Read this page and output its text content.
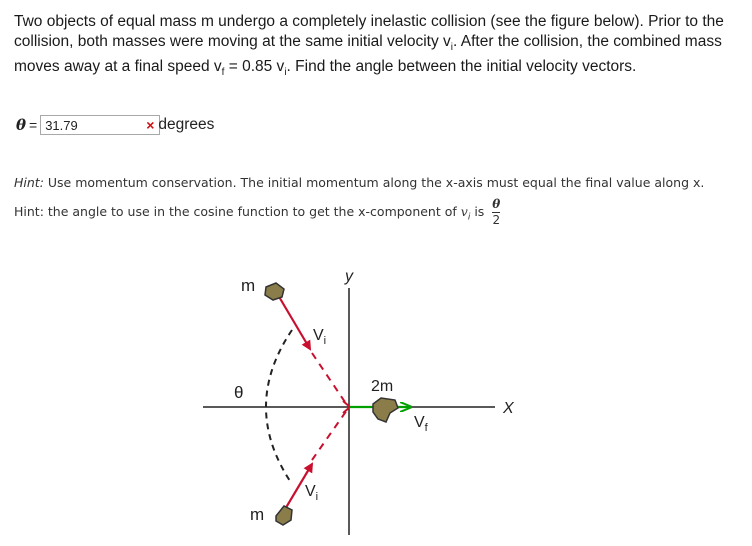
Two objects of equal mass m undergo a completely inelastic collision (see the figure below). Prior to the collision, both masses were moving at the same initial velocity $v_i$. After the collision, the combined mass moves away at a final speed $v_f = 0.85$ $v_i$. Find the angle between the initial velocity vectors.
θ =
31.79	× degrees
Hint: Use momentum conservation. The initial momentum along the x-axis must equal the final value along x. Hint: the angle to use in the cosine function to get the x-component of $v_i$ is $\frac{\theta}{2}$
m
m
θ
$V_i$
$V_i$
2m
$V_f$
X
y
